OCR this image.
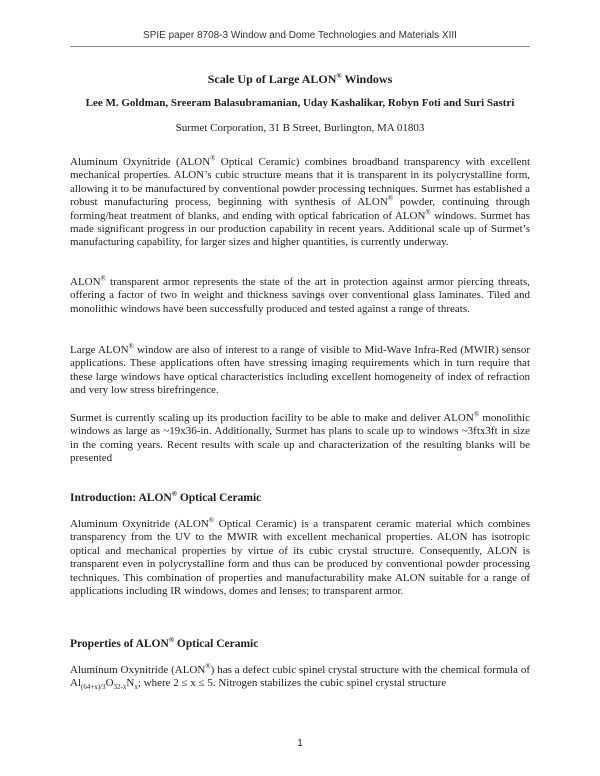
SPIE paper 8708-3 Window and Dome Technologies and Materials XIII
Scale Up of Large ALON® Windows
Lee M. Goldman, Sreeram Balasubramanian, Uday Kashalikar, Robyn Foti and Suri Sastri
Surmet Corporation, 31 B Street, Burlington, MA 01803

Aluminum Oxynitride (ALON® Optical Ceramic) combines broadband transparency with excellent mechanical properties. ALON’s cubic structure means that it is transparent in its polycrystalline form, allowing it to be manufactured by conventional powder processing techniques. Surmet has established a robust manufacturing process, beginning with synthesis of ALON® powder, continuing through forming/heat treatment of blanks, and ending with optical fabrication of ALON® windows. Surmet has made significant progress in our production capability in recent years. Additional scale up of Surmet’s manufacturing capability, for larger sizes and higher quantities, is currently underway.

ALON® transparent armor represents the state of the art in protection against armor piercing threats, offering a factor of two in weight and thickness savings over conventional glass laminates. Tiled and monolithic windows have been successfully produced and tested against a range of threats.

Large ALON® window are also of interest to a range of visible to Mid-Wave Infra-Red (MWIR) sensor applications. These applications often have stressing imaging requirements which in turn require that these large windows have optical characteristics including excellent homogeneity of index of refraction and very low stress birefringence.

Surmet is currently scaling up its production facility to be able to make and deliver ALON® monolithic windows as large as ~19x36-in. Additionally, Surmet has plans to scale up to windows ~3ftx3ft in size in the coming years. Recent results with scale up and characterization of the resulting blanks will be presented

Introduction: ALON® Optical Ceramic

Aluminum Oxynitride (ALON® Optical Ceramic) is a transparent ceramic material which combines transparency from the UV to the MWIR with excellent mechanical properties. ALON has isotropic optical and mechanical properties by virtue of its cubic crystal structure. Consequently, ALON is transparent even in polycrystalline form and thus can be produced by conventional powder processing techniques. This combination of properties and manufacturability make ALON suitable for a range of applications including IR windows, domes and lenses; to transparent armor.

Properties of ALON® Optical Ceramic

Aluminum Oxynitride (ALON®) has a defect cubic spinel crystal structure with the chemical formula of $Al_{(64+x)/3}O_{32-x}N_x$; where 2 ≤ x ≤ 5. Nitrogen stabilizes the cubic spinel crystal structure

1
